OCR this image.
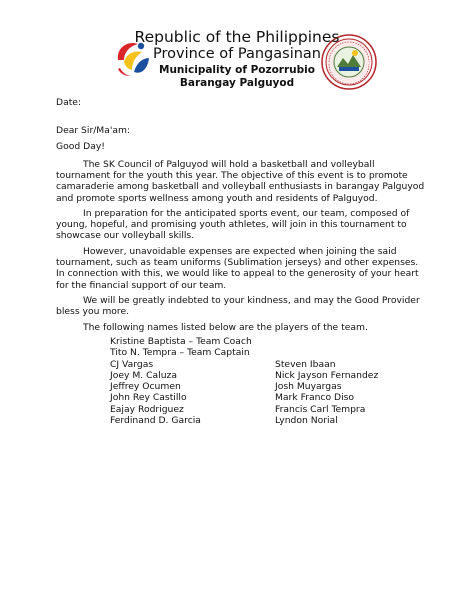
Republic of the Philippines
Province of Pangasinan
Municipality of Pozorrubio
Barangay Palguyod
Date:
Dear Sir/Ma'am:
Good Day!
The SK Council of Palguyod will hold a basketball and volleyball tournament for the youth this year. The objective of this event is to promote camaraderie among basketball and volleyball enthusiasts in barangay Palguyod and promote sports wellness among youth and residents of Palguyod.
In preparation for the anticipated sports event, our team, composed of young, hopeful, and promising youth athletes, will join in this tournament to showcase our volleyball skills.
However, unavoidable expenses are expected when joining the said tournament, such as team uniforms (Sublimation jerseys) and other expenses. In connection with this, we would like to appeal to the generosity of your heart for the financial support of our team.
We will be greatly indebted to your kindness, and may the Good Provider bless you more.
The following names listed below are the players of the team.
Kristine Baptista – Team Coach
Tito N. Tempra – Team Captain
CJ Vargas	Steven Ibaan
Joey M. Caluza	Nick Jayson Fernandez
Jeffrey Ocumen	Josh Muyargas
John Rey Castillo	Mark Franco Diso
Eajay Rodriguez	Francis Carl Tempra
Ferdinand D. Garcia	Lyndon Norial
